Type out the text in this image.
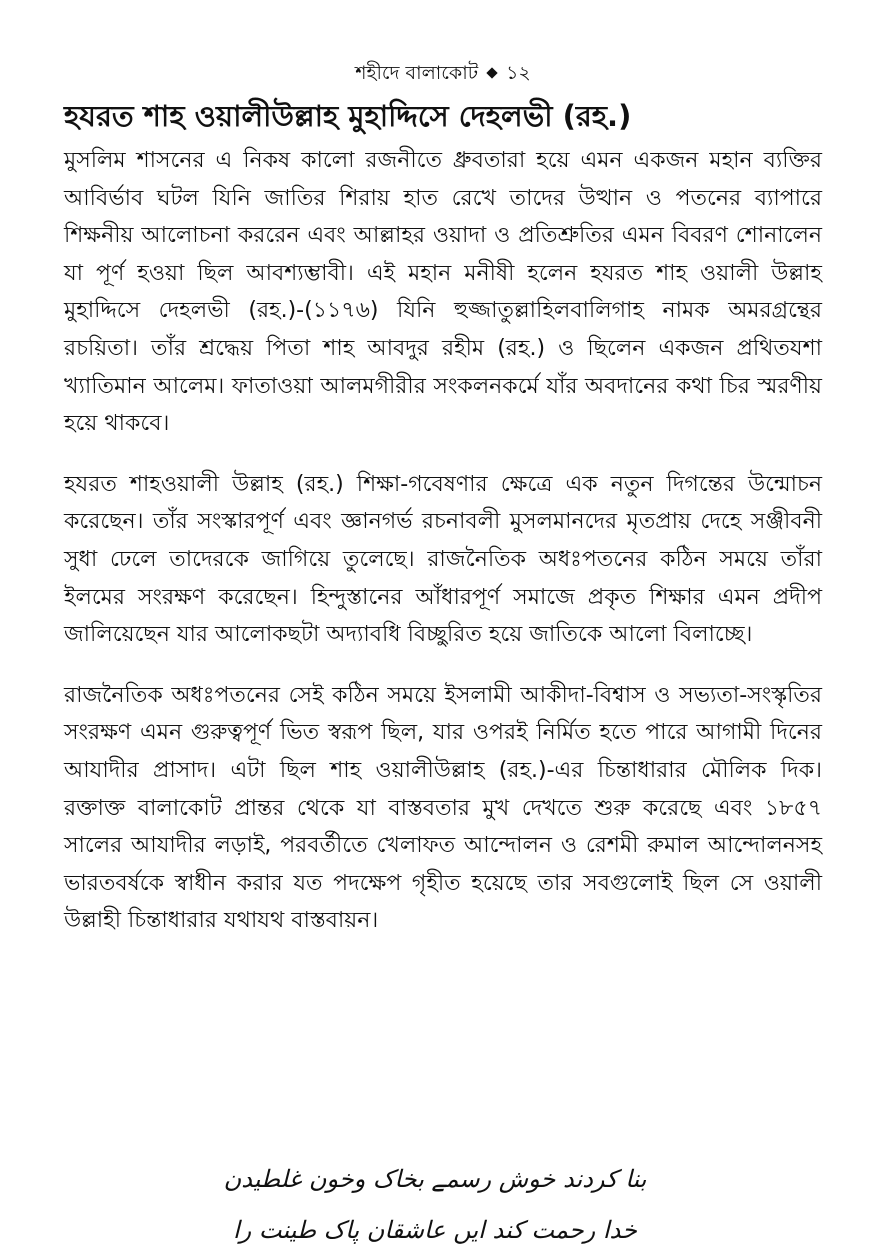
শহীদে বালাকোট ১২
হযরত শাহ ওয়ালীউল্লাহ মুহাদ্দিসে দেহলভী (রহ.)

মুসলিম শাসনের এ নিকষ কালো রজনীতে ধ্রুবতারা হয়ে এমন একজন মহান ব্যক্তির আবির্ভাব ঘটল যিনি জাতির শিরায় হাত রেখে তাদের উত্থান ও পতনের ব্যাপারে শিক্ষনীয় আলোচনা কররেন এবং আল্লাহর ওয়াদা ও প্রতিশ্রুতির এমন বিবরণ শোনালেন যা পূর্ণ হওয়া ছিল আবশ্যম্ভাবী। এই মহান মনীষী হলেন হযরত শাহ ওয়ালী উল্লাহ মুহাদ্দিসে দেহলভী (রহ.)-(১১৭৬) যিনি হুজ্জাতুল্লাহিলবালিগাহ নামক অমরগ্রন্থের রচয়িতা। তাঁর শ্রদ্ধেয় পিতা শাহ আবদুর রহীম (রহ.) ও ছিলেন একজন প্রথিতযশা খ্যাতিমান আলেম। ফাতাওয়া আলমগীরীর সংকলনকর্মে যাঁর অবদানের কথা চির স্মরণীয় হয়ে থাকবে।

হযরত শাহওয়ালী উল্লাহ (রহ.) শিক্ষা-গবেষণার ক্ষেত্রে এক নতুন দিগন্তের উন্মোচন করেছেন। তাঁর সংস্কারপূর্ণ এবং জ্ঞানগর্ভ রচনাবলী মুসলমানদের মৃতপ্রায় দেহে সঞ্জীবনী সুধা ঢেলে তাদেরকে জাগিয়ে তুলেছে। রাজনৈতিক অধঃপতনের কঠিন সময়ে তাঁরা ইলমের সংরক্ষণ করেছেন। হিন্দুস্তানের আঁধারপূর্ণ সমাজে প্রকৃত শিক্ষার এমন প্রদীপ জালিয়েছেন যার আলোকছটা অদ্যাবধি বিচ্ছুরিত হয়ে জাতিকে আলো বিলাচ্ছে।

রাজনৈতিক অধঃপতনের সেই কঠিন সময়ে ইসলামী আকীদা-বিশ্বাস ও সভ্যতা-সংস্কৃতির সংরক্ষণ এমন গুরুত্বপূর্ণ ভিত স্বরূপ ছিল, যার ওপরই নির্মিত হতে পারে আগামী দিনের আযাদীর প্রাসাদ। এটা ছিল শাহ ওয়ালীউল্লাহ (রহ.)-এর চিন্তাধারার মৌলিক দিক। রক্তাক্ত বালাকোট প্রান্তর থেকে যা বাস্তবতার মুখ দেখতে শুরু করেছে এবং ১৮৫৭ সালের আযাদীর লড়াই, পরবর্তীতে খেলাফত আন্দোলন ও রেশমী রুমাল আন্দোলনসহ ভারতবর্ষকে স্বাধীন করার যত পদক্ষেপ গৃহীত হয়েছে তার সবগুলোই ছিল সে ওয়ালী উল্লাহী চিন্তাধারার যথাযথ বাস্তবায়ন।

بنا کردند خوش رسمے بخاک وخون غلطیدن
خدا رحمت کند ایں عاشقان پاک طینت را
